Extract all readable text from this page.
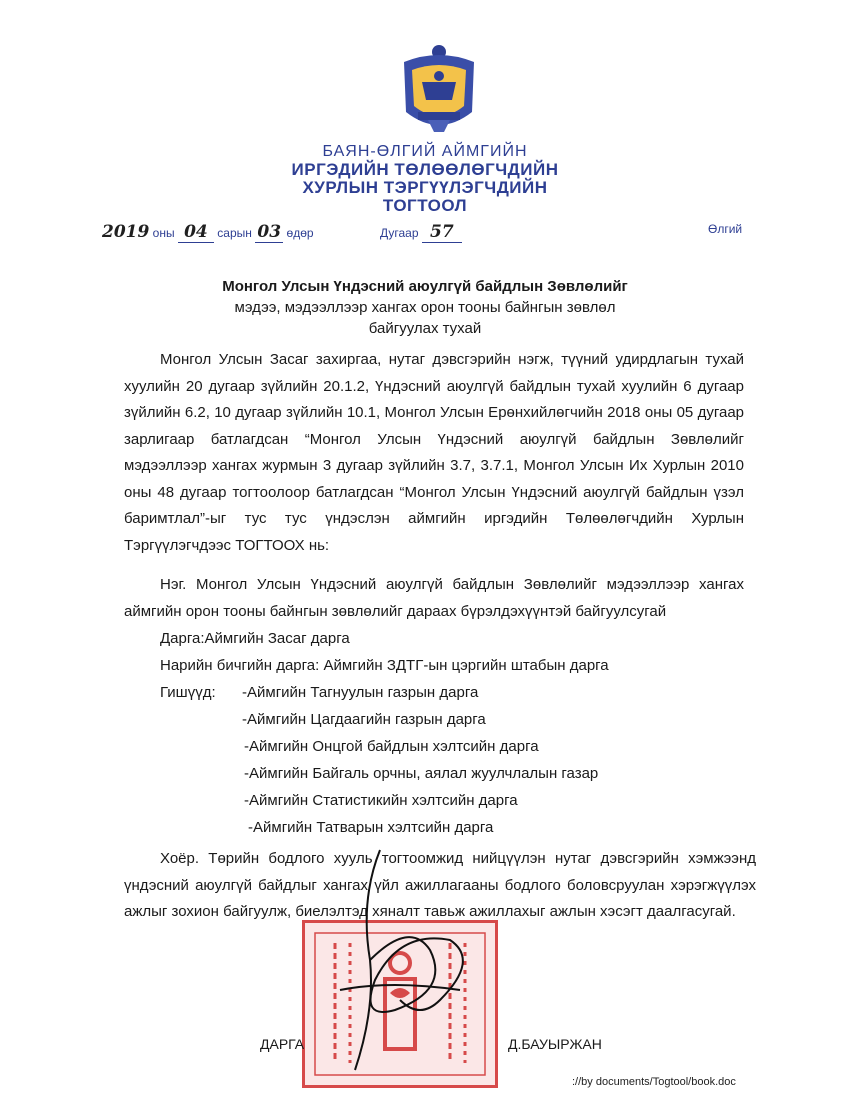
БАЯН-ӨЛГИЙ АЙМГИЙН
ИРГЭДИЙН ТӨЛӨӨЛӨГЧДИЙН
ХУРЛЫН ТЭРГҮҮЛЭГЧДИЙН
ТОГТООЛ
2019 оны 04 сарын 03 өдөр	Дугаар 57	Өлгий
Монгол Улсын Үндэсний аюулгүй байдлын Зөвлөлийг
мэдээ, мэдээллээр хангах орон тооны байнгын зөвлөл
байгуулах тухай
Монгол Улсын Засаг захиргаа, нутаг дэвсгэрийн нэгж, түүний удирдлагын тухай хуулийн 20 дугаар зүйлийн 20.1.2, Үндэсний аюулгүй байдлын тухай хуулийн 6 дугаар зүйлийн 6.2, 10 дугаар зүйлийн 10.1, Монгол Улсын Ерөнхийлөгчийн 2018 оны 05 дугаар зарлигаар батлагдсан “Монгол Улсын Үндэсний аюулгүй байдлын Зөвлөлийг мэдээллээр хангах журмын 3 дугаар зүйлийн 3.7, 3.7.1, Монгол Улсын Их Хурлын 2010 оны 48 дугаар тогтоолоор батлагдсан “Монгол Улсын Үндэсний аюулгүй байдлын үзэл баримтлал”-ыг тус тус үндэслэн аймгийн иргэдийн Төлөөлөгчдийн Хурлын Тэргүүлэгчдээс ТОГТООХ нь:
Нэг. Монгол Улсын Үндэсний аюулгүй байдлын Зөвлөлийг мэдээллээр хангах аймгийн орон тооны байнгын зөвлөлийг дараах бүрэлдэхүүнтэй байгуулсугай
Дарга:Аймгийн Засаг дарга
Нарийн бичгийн дарга: Аймгийн ЗДТГ-ын цэргийн штабын дарга
Гишүүд: -Аймгийн Тагнуулын газрын дарга
-Аймгийн Цагдаагийн газрын дарга
-Аймгийн Онцгой байдлын хэлтсийн дарга
-Аймгийн Байгаль орчны, аялал жуулчлалын газар
-Аймгийн Статистикийн хэлтсийн дарга
-Аймгийн Татварын хэлтсийн дарга
Хоёр. Төрийн бодлого хууль тогтоомжид нийцүүлэн нутаг дэвсгэрийн хэмжээнд үндэсний аюулгүй байдлыг хангах үйл ажиллагааны бодлого боловсруулан хэрэгжүүлэх ажлыг зохион байгуулж, биелэлтэд хяналт тавьж ажиллахыг ажлын хэсэгт даалгасугай.
ДАРГА	Д.БАУЫРЖАН
://by documents/Togtool/book.doc
